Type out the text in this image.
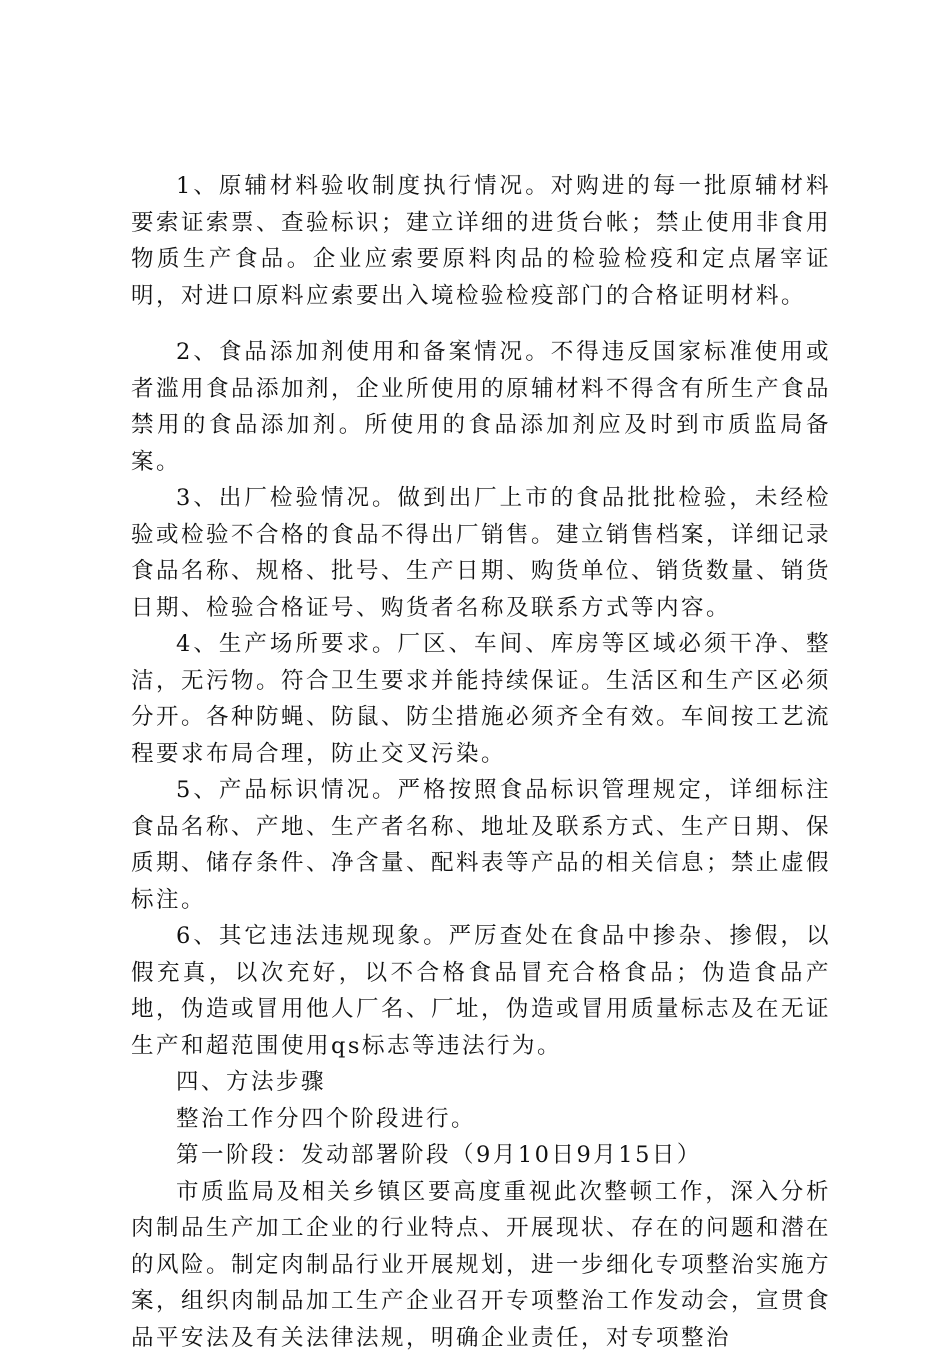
1、原辅材料验收制度执行情况。对购进的每一批原辅材料要索证索票、查验标识；建立详细的进货台帐；禁止使用非食用物质生产食品。企业应索要原料肉品的检验检疫和定点屠宰证明，对进口原料应索要出入境检验检疫部门的合格证明材料。

2、食品添加剂使用和备案情况。不得违反国家标准使用或者滥用食品添加剂，企业所使用的原辅材料不得含有所生产食品禁用的食品添加剂。所使用的食品添加剂应及时到市质监局备案。

3、出厂检验情况。做到出厂上市的食品批批检验，未经检验或检验不合格的食品不得出厂销售。建立销售档案，详细记录食品名称、规格、批号、生产日期、购货单位、销货数量、销货日期、检验合格证号、购货者名称及联系方式等内容。

4、生产场所要求。厂区、车间、库房等区域必须干净、整洁，无污物。符合卫生要求并能持续保证。生活区和生产区必须分开。各种防蝇、防鼠、防尘措施必须齐全有效。车间按工艺流程要求布局合理，防止交叉污染。

5、产品标识情况。严格按照食品标识管理规定，详细标注食品名称、产地、生产者名称、地址及联系方式、生产日期、保质期、储存条件、净含量、配料表等产品的相关信息；禁止虚假标注。

6、其它违法违规现象。严厉查处在食品中掺杂、掺假，以假充真，以次充好，以不合格食品冒充合格食品；伪造食品产地，伪造或冒用他人厂名、厂址，伪造或冒用质量标志及在无证生产和超范围使用qs标志等违法行为。

四、方法步骤

整治工作分四个阶段进行。

第一阶段：发动部署阶段（9月10日9月15日）

市质监局及相关乡镇区要高度重视此次整顿工作，深入分析肉制品生产加工企业的行业特点、开展现状、存在的问题和潜在的风险。制定肉制品行业开展规划，进一步细化专项整治实施方案，组织肉制品加工生产企业召开专项整治工作发动会，宣贯食品平安法及有关法律法规，明确企业责任，对专项整治
